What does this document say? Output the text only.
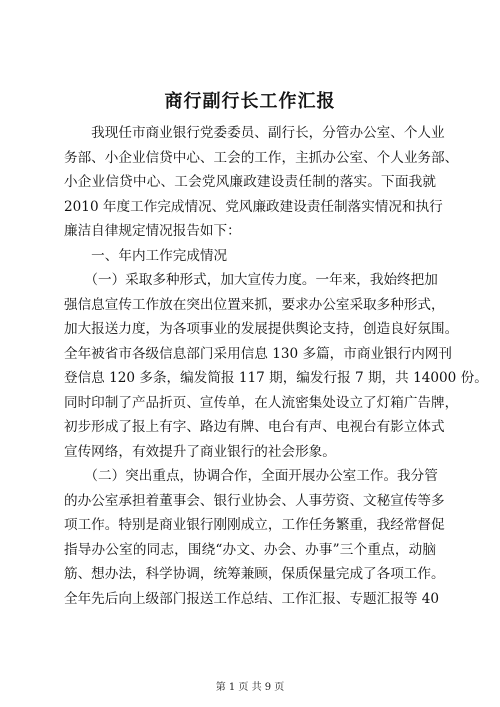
商行副行长工作汇报
　　我现任市商业银行党委委员、副行长，分管办公室、个人业
务部、小企业信贷中心、工会的工作，主抓办公室、个人业务部、
小企业信贷中心、工会党风廉政建设责任制的落实。下面我就
2010 年度工作完成情况、党风廉政建设责任制落实情况和执行
廉洁自律规定情况报告如下：
　　一、年内工作完成情况
　　（一）采取多种形式，加大宣传力度。一年来，我始终把加
强信息宣传工作放在突出位置来抓，要求办公室采取多种形式，
加大报送力度，为各项事业的发展提供舆论支持，创造良好氛围。
全年被省市各级信息部门采用信息 130 多篇，市商业银行内网刊
登信息 120 多条，编发简报 117 期，编发行报 7 期，共 14000 份。
同时印制了产品折页、宣传单，在人流密集处设立了灯箱广告牌，
初步形成了报上有字、路边有牌、电台有声、电视台有影立体式
宣传网络，有效提升了商业银行的社会形象。
　　（二）突出重点，协调合作，全面开展办公室工作。我分管
的办公室承担着董事会、银行业协会、人事劳资、文秘宣传等多
项工作。特别是商业银行刚刚成立，工作任务繁重，我经常督促
指导办公室的同志，围绕“办文、办会、办事”三个重点，动脑
筋、想办法，科学协调，统筹兼顾，保质保量完成了各项工作。
全年先后向上级部门报送工作总结、工作汇报、专题汇报等 40
第 1 页 共 9 页
